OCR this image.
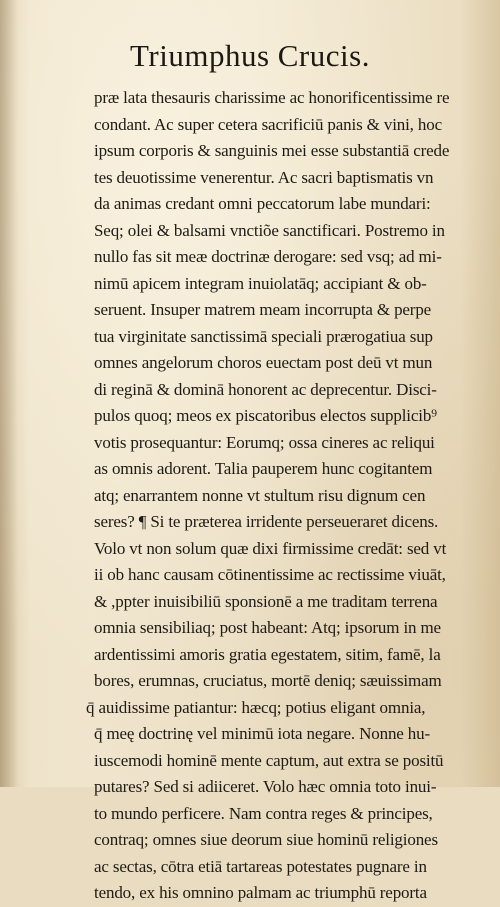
Triumphus Crucis.
præ lata thesauris charissime ac honorificentissime re
condant. Ac super cetera sacrificiū panis & vini, hoc
ipsum corporis & sanguinis mei esse substantiā crede
tes deuotissime venerentur. Ac sacri baptismatis vn
da animas credant omni peccatorum labe mundari:
Seq; olei & balsami vnctiõe sanctificari. Postremo in
nullo fas sit meæ doctrinæ derogare: sed vsq; ad mi-
nimū apicem integram inuiolatāq; accipiant & ob-
seruent. Insuper matrem meam incorrupta & perpe
tua virginitate sanctissimā speciali prærogatiua sup
omnes angelorum choros euectam post deū vt mun
di reginā & dominā honorent ac deprecentur. Disci-
pulos quoq; meos ex piscatoribus electos supplicib⁹
votis prosequantur: Eorumq; ossa cineres ac reliqui
as omnis adorent. Talia pauperem hunc cogitantem
atq; enarrantem nonne vt stultum risu dignum cen
seres? ¶ Si te præterea irridente perseueraret dicens.
Volo vt non solum quæ dixi firmissime credāt: sed vt
ii ob hanc causam cōtinentissime ac rectissime viuāt,
& ,ppter inuisibiliū sponsionē a me traditam terrena
omnia sensibiliaq; post habeant: Atq; ipsorum in me
ardentissimi amoris gratia egestatem, sitim, famē, la
bores, erumnas, cruciatus, mortē deniq; sæuissimam
q̄ auidissime patiantur: hæcq; potius eligant omnia,
q̄ meę doctrinę vel minimū iota negare. Nonne hu-
iuscemodi hominē mente captum, aut extra se positū
putares? Sed si adiiceret. Volo hæc omnia toto inui-
to mundo perficere. Nam contra reges & principes,
contraq; omnes siue deorum siue hominū religiones
ac sectas, cōtra etiā tartareas potestates pugnare in
tendo, ex his omnino palmam ac triumphū reporta
